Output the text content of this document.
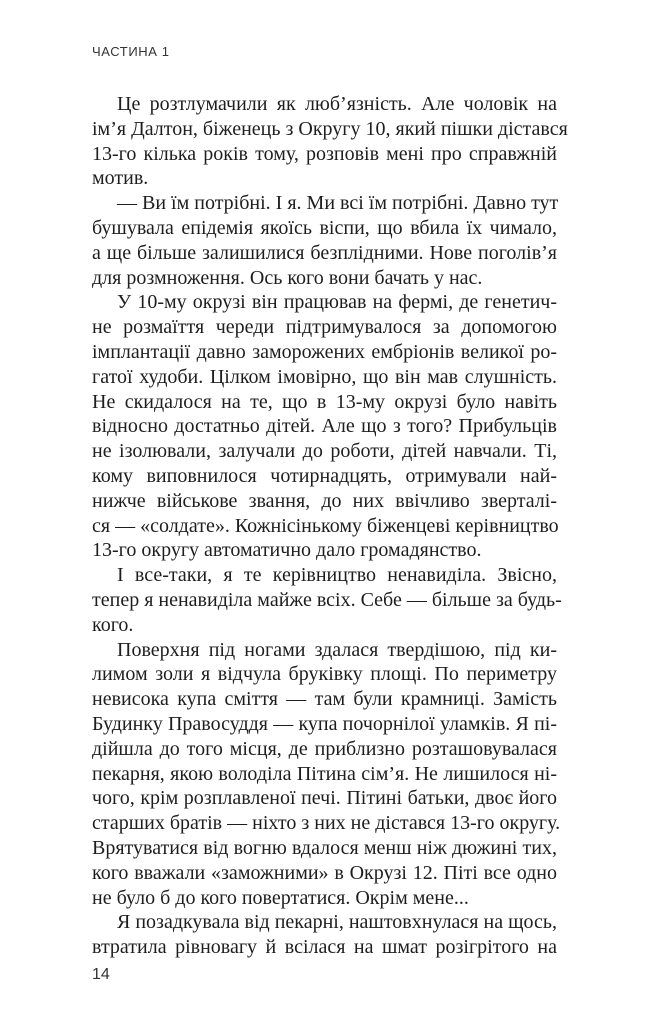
ЧАСТИНА 1
Це розтлумачили як люб’язність. Але чоловік на
ім’я Далтон, біженець з Округу 10, який пішки дістався
13-го кілька років тому, розповів мені про справжній
мотив.
— Ви їм потрібні. І я. Ми всі їм потрібні. Давно тут
бушувала епідемія якоїсь віспи, що вбила їх чимало,
а ще більше залишилися безплідними. Нове поголів’я
для розмноження. Ось кого вони бачать у нас.
У 10-му окрузі він працював на фермі, де генетич-
не розмаїття череди підтримувалося за допомогою
імплантації давно заморожених ембріонів великої ро-
гатої худоби. Цілком імовірно, що він мав слушність.
Не скидалося на те, що в 13-му окрузі було навіть
відносно достатньо дітей. Але що з того? Прибульців
не ізолювали, залучали до роботи, дітей навчали. Ті,
кому виповнилося чотирнадцять, отримували най-
нижче військове звання, до них ввічливо зверталі-
ся — «солдате». Кожнісінькому біженцеві керівництво
13-го округу автоматично дало громадянство.
І все-таки, я те керівництво ненавиділа. Звісно,
тепер я ненавиділа майже всіх. Себе — більше за будь-
кого.
Поверхня під ногами здалася твердішою, під ки-
лимом золи я відчула бруківку площі. По периметру
невисока купа сміття — там були крамниці. Замість
Будинку Правосуддя — купа почорнілої уламків. Я пі-
дійшла до того місця, де приблизно розташовувалася
пекарня, якою володіла Пітина сім’я. Не лишилося ні-
чого, крім розплавленої печі. Пітині батьки, двоє його
старших братів — ніхто з них не дістався 13-го округу.
Врятуватися від вогню вдалося менш ніж дюжині тих,
кого вважали «заможними» в Окрузі 12. Піті все одно
не було б до кого повертатися. Окрім мене...
Я позадкувала від пекарні, наштовхнулася на щось,
втратила рівновагу й всілася на шмат розігрітого на
14
